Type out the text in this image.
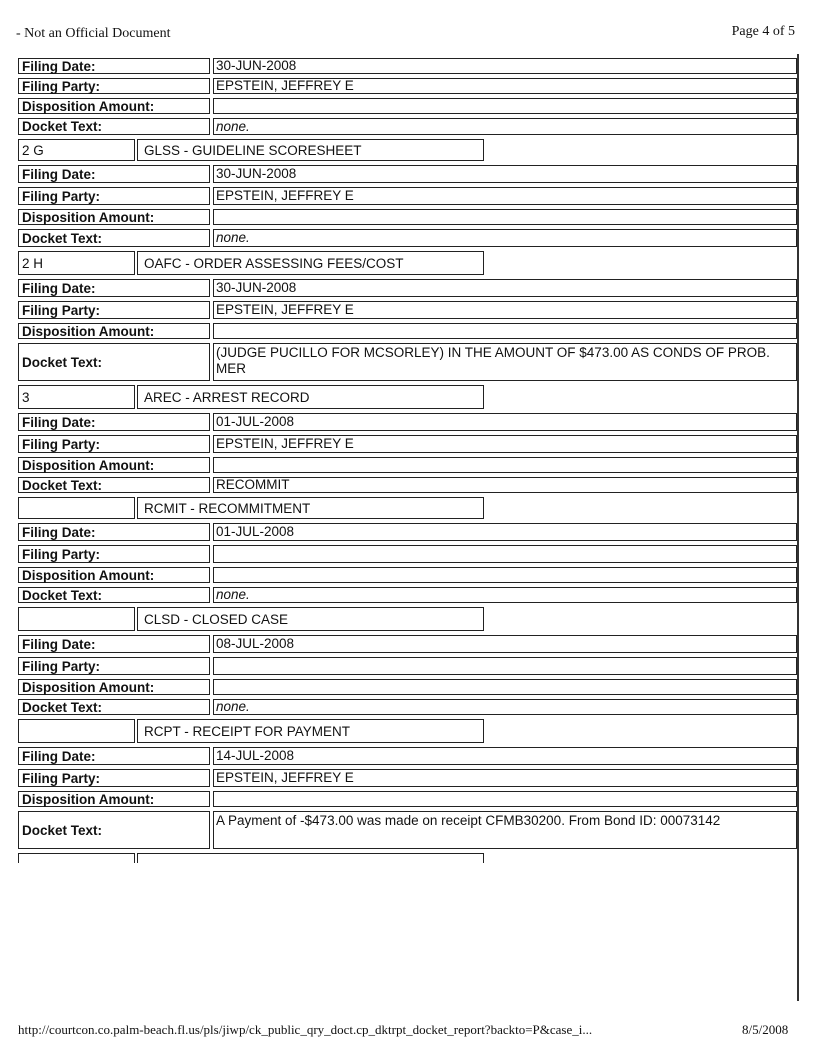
- Not an Official Document	Page 4 of 5
Filing Date:	30-JUN-2008
Filing Party:	EPSTEIN, JEFFREY E
Disposition Amount:
Docket Text:	none.
2 G	GLSS - GUIDELINE SCORESHEET
Filing Date:	30-JUN-2008
Filing Party:	EPSTEIN, JEFFREY E
Disposition Amount:
Docket Text:	none.
2 H	OAFC - ORDER ASSESSING FEES/COST
Filing Date:	30-JUN-2008
Filing Party:	EPSTEIN, JEFFREY E
Disposition Amount:
Docket Text:
(JUDGE PUCILLO FOR MCSORLEY) IN THE AMOUNT OF $473.00 AS CONDS OF PROB. MER
3	AREC - ARREST RECORD
Filing Date:	01-JUL-2008
Filing Party:	EPSTEIN, JEFFREY E
Disposition Amount:
Docket Text:	RECOMMIT
RCMIT - RECOMMITMENT
Filing Date:	01-JUL-2008
Filing Party:
Disposition Amount:
Docket Text:	none.
CLSD - CLOSED CASE
Filing Date:	08-JUL-2008
Filing Party:
Disposition Amount:
Docket Text:	none.
RCPT - RECEIPT FOR PAYMENT
Filing Date:	14-JUL-2008
Filing Party:	EPSTEIN, JEFFREY E
Disposition Amount:
Docket Text:
A Payment of -$473.00 was made on receipt CFMB30200. From Bond ID: 00073142
http://courtcon.co.palm-beach.fl.us/pls/jiwp/ck_public_qry_doct.cp_dktrpt_docket_report?backto=P&case_i...	8/5/2008
